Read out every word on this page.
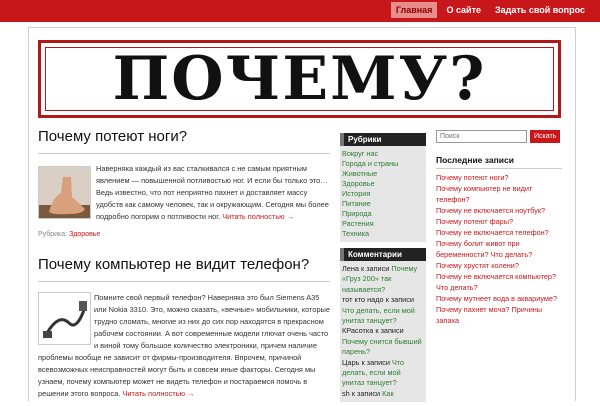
Главная	О сайте	Задать свой вопрос
ПОЧЕМУ?
Почему потеют ноги?
Наверняка каждый из вас сталкивался с не самым приятным явлением — повышенной потливостью ног. И если бы только это… Ведь известно, что пот неприятно пахнет и доставляет массу удобств как самому человек, так и окружающим. Сегодня мы более подробно погорим о потливости ног. Читать полностью →
Рубрика: Здоровье
Почему компьютер не видит телефон?
Помните свой первый телефон? Наверняка это был Siemens A35 или Nokia 3310. Это, можно сказать, «вечные» мобильники, которые трудно сломать, многие из них до сих пор находятся в прекрасном рабочем состоянии. А вот современные модели глючат очень часто и виной тому большое количество электроники, причем наличие проблемы вообще не зависит от фирмы-производителя. Впрочем, причиной всевозможных неисправностей могут быть и совсем иные факторы. Сегодня мы узнаем, почему компьютер может не видеть телефон и постараемся помочь в решении этого вопроса. Читать полностью →
Рубрики
Вокруг нас
Города и страны
Животные
Здоровье
История
Питание
Природа
Растения
Техника
Комментарии
Лена к записи Почему «Груз 200» так называется?
тот кто надо к записи Что делать, если мой унитаз танцует?
КРасотка к записи Почему снится бывший парень?
Царь к записи Что делать, если мой унитаз танцует?
sh к записи Как
Поиск
Искать
Последние записи
Почему потеют ноги?
Почему компьютер не видит телефон?
Почему не включается ноутбук?
Почему потеют фары?
Почему не включается телефон?
Почему болит живот при беременности? Что делать?
Почему хрустят колени?
Почему не включается компьютер? Что делать?
Почему мутнеет вода в аквариуме?
Почему пахнет моча? Причины запаха
